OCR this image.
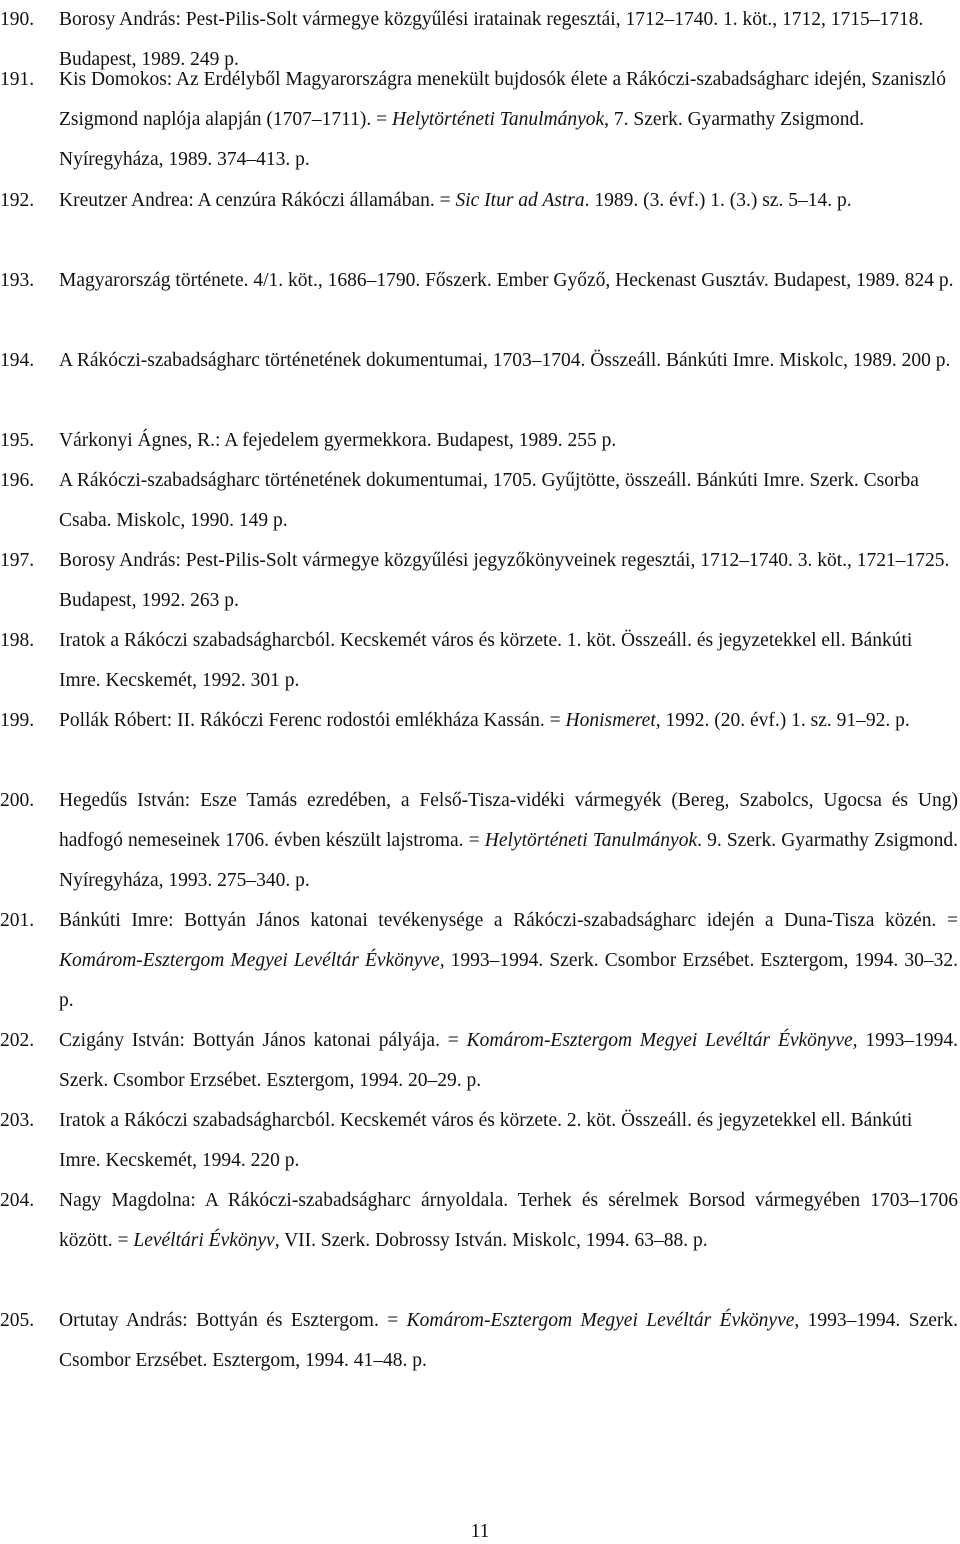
190. Borosy András: Pest-Pilis-Solt vármegye közgyűlési iratainak regesztái, 1712–1740. 1. köt., 1712, 1715–1718. Budapest, 1989. 249 p.
191. Kis Domokos: Az Erdélyből Magyarországra menekült bujdosók élete a Rákóczi-szabadságharc idején, Szaniszló Zsigmond naplója alapján (1707–1711). = Helytörténeti Tanulmányok, 7. Szerk. Gyarmathy Zsigmond. Nyíregyháza, 1989. 374–413. p.
192. Kreutzer Andrea: A cenzúra Rákóczi államában. = Sic Itur ad Astra. 1989. (3. évf.) 1. (3.) sz. 5–14. p.
193. Magyarország története. 4/1. köt., 1686–1790. Főszerk. Ember Győző, Heckenast Gusztáv. Budapest, 1989. 824 p.
194. A Rákóczi-szabadságharc történetének dokumentumai, 1703–1704. Összeáll. Bánkúti Imre. Miskolc, 1989. 200 p.
195. Várkonyi Ágnes, R.: A fejedelem gyermekkora. Budapest, 1989. 255 p.
196. A Rákóczi-szabadságharc történetének dokumentumai, 1705. Gyűjtötte, összeáll. Bánkúti Imre. Szerk. Csorba Csaba. Miskolc, 1990. 149 p.
197. Borosy András: Pest-Pilis-Solt vármegye közgyűlési jegyzőkönyveinek regesztái, 1712–1740. 3. köt., 1721–1725. Budapest, 1992. 263 p.
198. Iratok a Rákóczi szabadságharcból. Kecskemét város és körzete. 1. köt. Összeáll. és jegyzetekkel ell. Bánkúti Imre. Kecskemét, 1992. 301 p.
199. Pollák Róbert: II. Rákóczi Ferenc rodostói emlékháza Kassán. = Honismeret, 1992. (20. évf.) 1. sz. 91–92. p.
200. Hegedűs István: Esze Tamás ezredében, a Felső-Tisza-vidéki vármegyék (Bereg, Szabolcs, Ugocsa és Ung) hadfogó nemeseinek 1706. évben készült lajstroma. = Helytörténeti Tanulmányok. 9. Szerk. Gyarmathy Zsigmond. Nyíregyháza, 1993. 275–340. p.
201. Bánkúti Imre: Bottyán János katonai tevékenysége a Rákóczi-szabadságharc idején a Duna-Tisza közén. = Komárom-Esztergom Megyei Levéltár Évkönyve, 1993–1994. Szerk. Csombor Erzsébet. Esztergom, 1994. 30–32. p.
202. Czigány István: Bottyán János katonai pályája. = Komárom-Esztergom Megyei Levéltár Évkönyve, 1993–1994. Szerk. Csombor Erzsébet. Esztergom, 1994. 20–29. p.
203. Iratok a Rákóczi szabadságharcból. Kecskemét város és körzete. 2. köt. Összeáll. és jegyzetekkel ell. Bánkúti Imre. Kecskemét, 1994. 220 p.
204. Nagy Magdolna: A Rákóczi-szabadságharc árnyoldala. Terhek és sérelmek Borsod vármegyében 1703–1706 között. = Levéltári Évkönyv, VII. Szerk. Dobrossy István. Miskolc, 1994. 63–88. p.
205. Ortutay András: Bottyán és Esztergom. = Komárom-Esztergom Megyei Levéltár Évkönyve, 1993–1994. Szerk. Csombor Erzsébet. Esztergom, 1994. 41–48. p.
11
